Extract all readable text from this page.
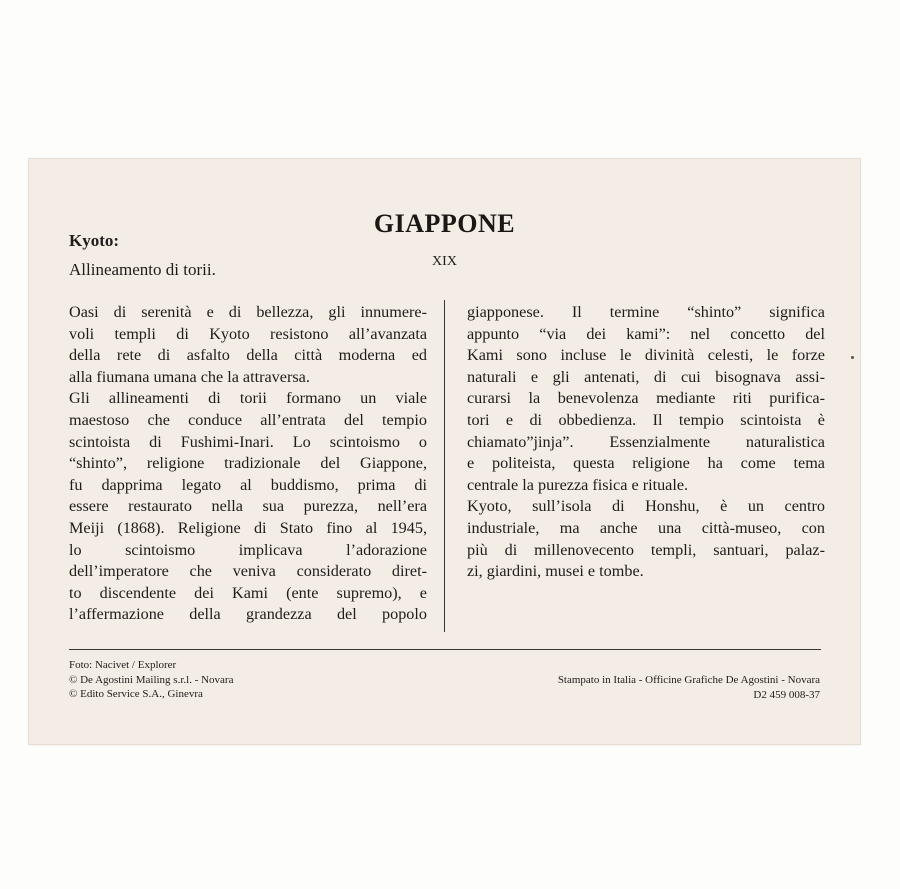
GIAPPONE
XIX
Kyoto:
Allineamento di torii.
Oasi di serenità e di bellezza, gli innumere-
voli templi di Kyoto resistono all’avanzata
della rete di asfalto della città moderna ed
alla fiumana umana che la attraversa.
Gli allineamenti di torii formano un viale
maestoso che conduce all’entrata del tempio
scintoista di Fushimi-Inari. Lo scintoismo o
“shinto”, religione tradizionale del Giappone,
fu dapprima legato al buddismo, prima di
essere restaurato nella sua purezza, nell’era
Meiji (1868). Religione di Stato fino al 1945,
lo scintoismo implicava l’adorazione
dell’imperatore che veniva considerato diret-
to discendente dei Kami (ente supremo), e
l’affermazione della grandezza del popolo
giapponese. Il termine “shinto” significa
appunto “via dei kami”: nel concetto del
Kami sono incluse le divinità celesti, le forze
naturali e gli antenati, di cui bisognava assi-
curarsi la benevolenza mediante riti purifica-
tori e di obbedienza. Il tempio scintoista è
chiamato”jinja”. Essenzialmente naturalistica
e politeista, questa religione ha come tema
centrale la purezza fisica e rituale.
Kyoto, sull’isola di Honshu, è un centro
industriale, ma anche una città-museo, con
più di millenovecento templi, santuari, palaz-
zi, giardini, musei e tombe.
Foto: Nacivet / Explorer
© De Agostini Mailing s.r.l. - Novara
© Edito Service S.A., Ginevra
Stampato in Italia - Officine Grafiche De Agostini - Novara
D2 459 008-37
